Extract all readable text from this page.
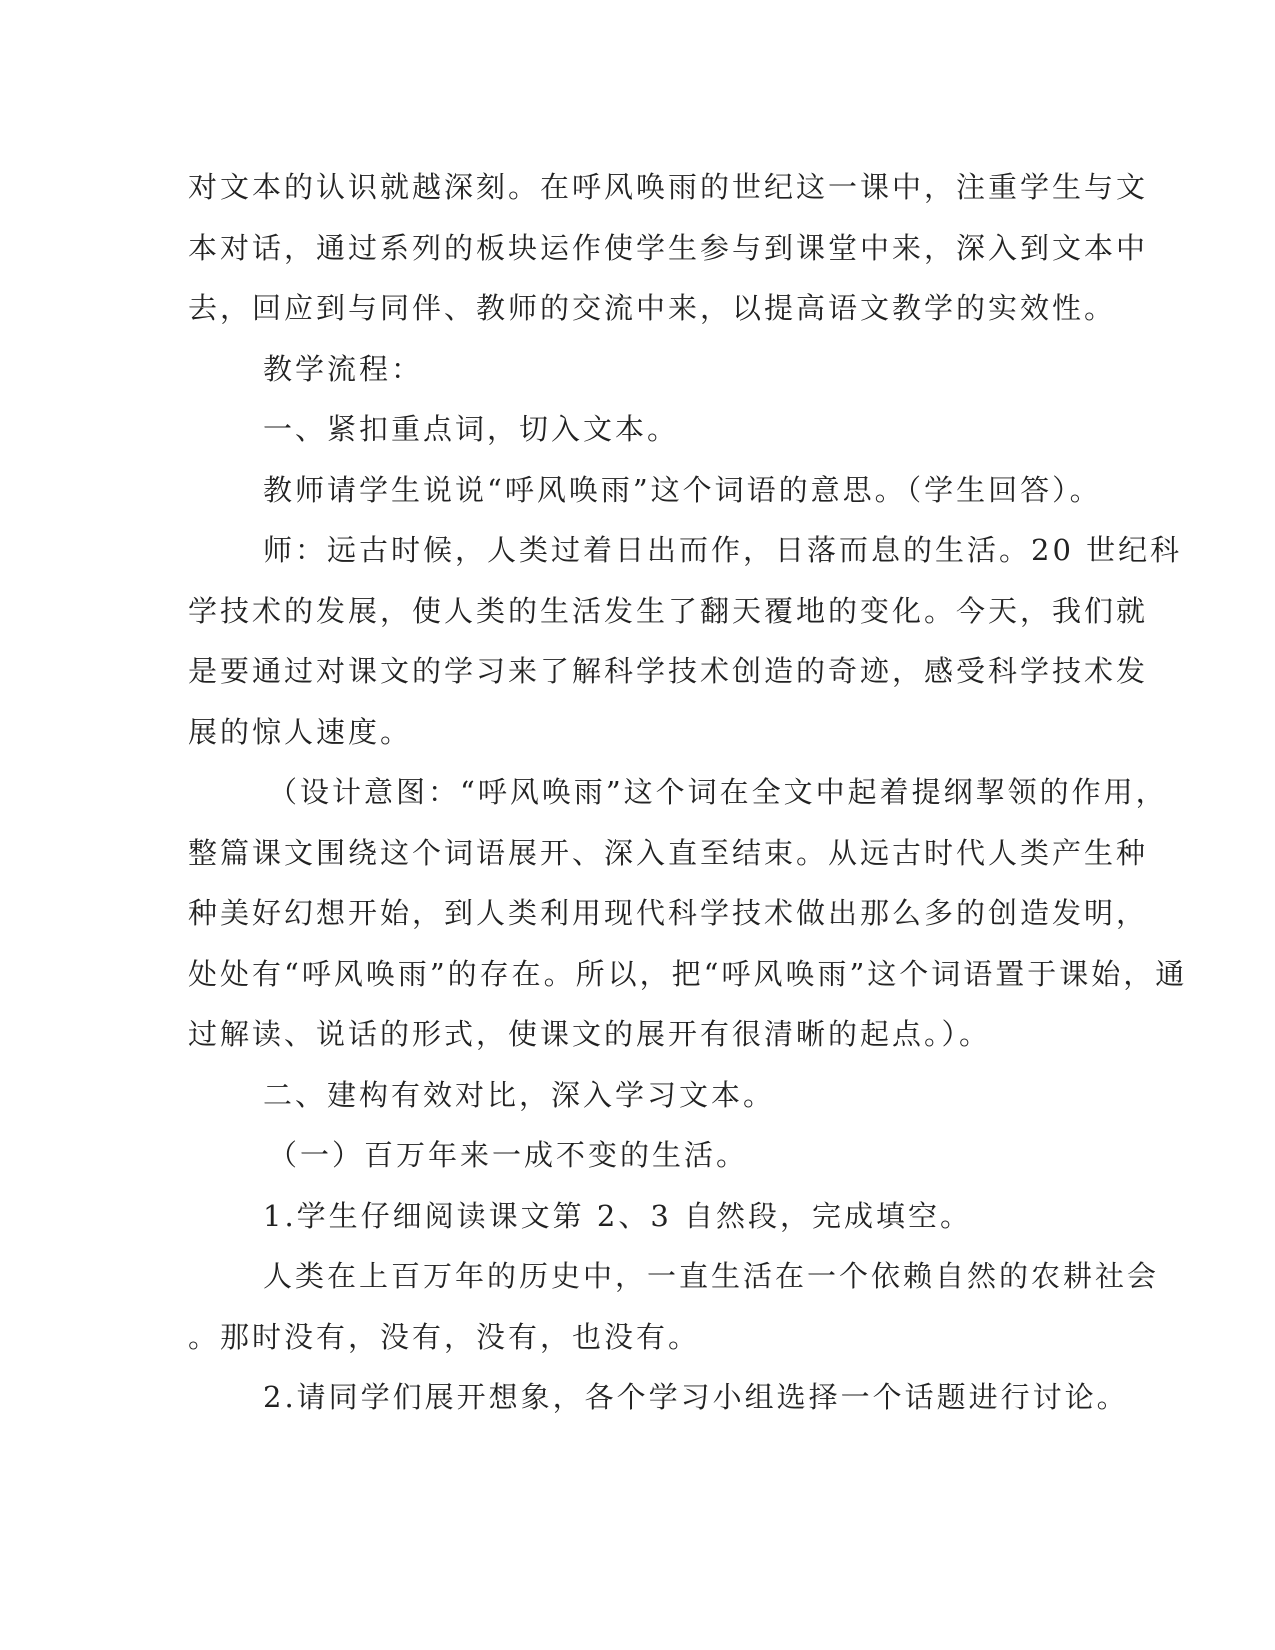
对文本的认识就越深刻。在呼风唤雨的世纪这一课中，注重学生与文
本对话，通过系列的板块运作使学生参与到课堂中来，深入到文本中
去，回应到与同伴、教师的交流中来，以提高语文教学的实效性。
教学流程：
一、紧扣重点词，切入文本。
教师请学生说说“呼风唤雨”这个词语的意思。（学生回答）。
师：远古时候，人类过着日出而作，日落而息的生活。20 世纪科
学技术的发展，使人类的生活发生了翻天覆地的变化。今天，我们就
是要通过对课文的学习来了解科学技术创造的奇迹，感受科学技术发
展的惊人速度。
（设计意图：“呼风唤雨”这个词在全文中起着提纲挈领的作用，
整篇课文围绕这个词语展开、深入直至结束。从远古时代人类产生种
种美好幻想开始，到人类利用现代科学技术做出那么多的创造发明，
处处有“呼风唤雨”的存在。所以，把“呼风唤雨”这个词语置于课始，通
过解读、说话的形式，使课文的展开有很清晰的起点。）。
二、建构有效对比，深入学习文本。
（一）百万年来一成不变的生活。
1.学生仔细阅读课文第 2、3 自然段，完成填空。
人类在上百万年的历史中，一直生活在一个依赖自然的农耕社会
。那时没有，没有，没有，也没有。
2.请同学们展开想象，各个学习小组选择一个话题进行讨论。
